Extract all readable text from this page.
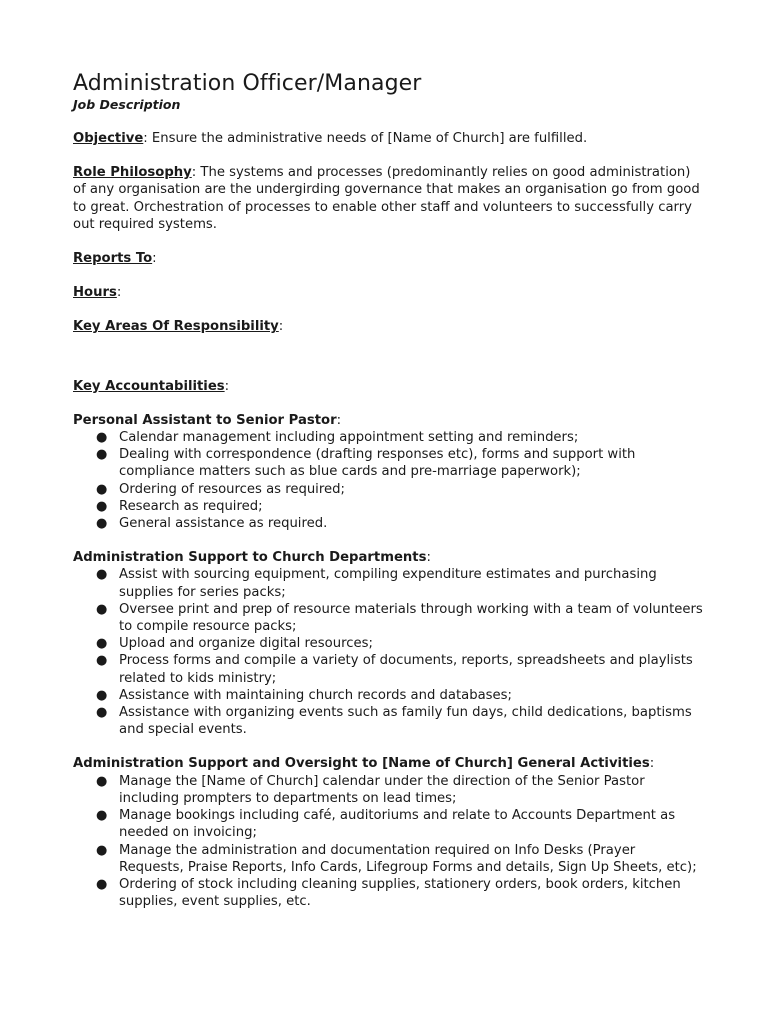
Administration Officer/Manager

Job Description

Objective: Ensure the administrative needs of [Name of Church] are fulfilled.

Role Philosophy: The systems and processes (predominantly relies on good administration) of any organisation are the undergirding governance that makes an organisation go from good to great. Orchestration of processes to enable other staff and volunteers to successfully carry out required systems.

Reports To:

Hours:

Key Areas Of Responsibility:

Key Accountabilities:

Personal Assistant to Senior Pastor:

● Calendar management including appointment setting and reminders;
● Dealing with correspondence (drafting responses etc), forms and support with compliance matters such as blue cards and pre-marriage paperwork);
● Ordering of resources as required;
● Research as required;
● General assistance as required.

Administration Support to Church Departments:

● Assist with sourcing equipment, compiling expenditure estimates and purchasing supplies for series packs;
● Oversee print and prep of resource materials through working with a team of volunteers to compile resource packs;
● Upload and organize digital resources;
● Process forms and compile a variety of documents, reports, spreadsheets and playlists related to kids ministry;
● Assistance with maintaining church records and databases;
● Assistance with organizing events such as family fun days, child dedications, baptisms and special events.

Administration Support and Oversight to [Name of Church] General Activities:

● Manage the [Name of Church] calendar under the direction of the Senior Pastor including prompters to departments on lead times;
● Manage bookings including café, auditoriums and relate to Accounts Department as needed on invoicing;
● Manage the administration and documentation required on Info Desks (Prayer Requests, Praise Reports, Info Cards, Lifegroup Forms and details, Sign Up Sheets, etc);
● Ordering of stock including cleaning supplies, stationery orders, book orders, kitchen supplies, event supplies, etc.
